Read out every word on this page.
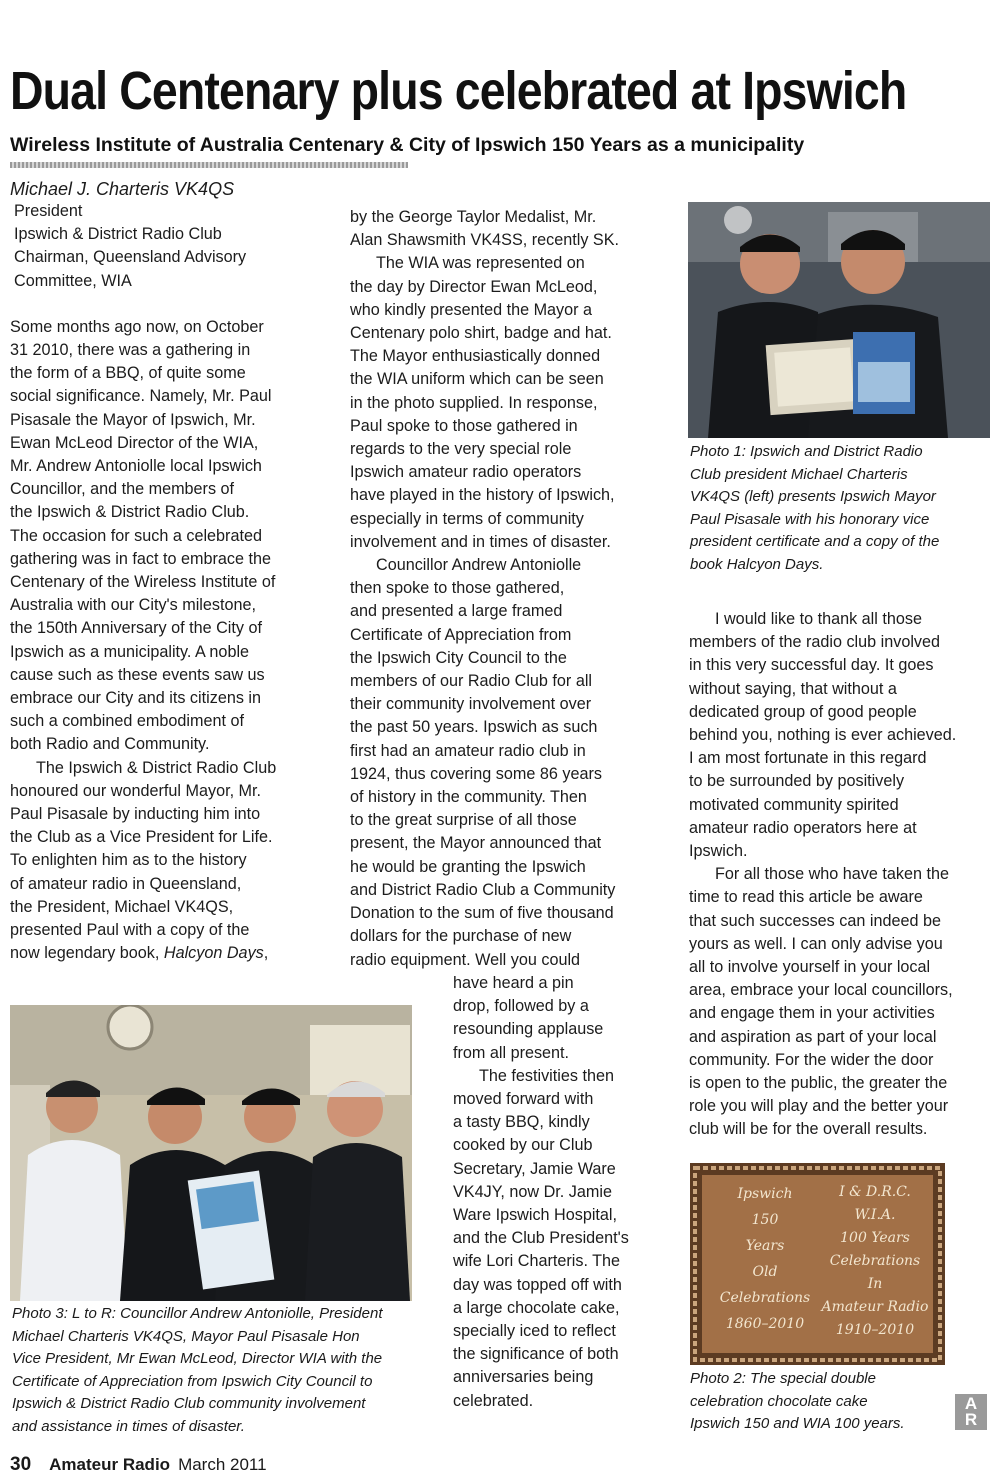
Dual Centenary plus celebrated at Ipswich
Wireless Institute of Australia Centenary & City of Ipswich 150 Years as a municipality

Michael J. Charteris VK4QS

President
Ipswich & District Radio Club
Chairman, Queensland Advisory
Committee, WIA
Some months ago now, on October
31 2010, there was a gathering in
the form of a BBQ, of quite some
social significance. Namely, Mr. Paul
Pisasale the Mayor of Ipswich, Mr.
Ewan McLeod Director of the WIA,
Mr. Andrew Antoniolle local Ipswich
Councillor, and the members of
the Ipswich & District Radio Club.
The occasion for such a celebrated
gathering was in fact to embrace the
Centenary of the Wireless Institute of
Australia with our City's milestone,
the 150th Anniversary of the City of
Ipswich as a municipality. A noble
cause such as these events saw us
embrace our City and its citizens in
such a combined embodiment of
both Radio and Community.
The Ipswich & District Radio Club
honoured our wonderful Mayor, Mr.
Paul Pisasale by inducting him into
the Club as a Vice President for Life.
To enlighten him as to the history
of amateur radio in Queensland,
the President, Michael VK4QS,
presented Paul with a copy of the

now legendary book, Halcyon Days,

by the George Taylor Medalist, Mr.
Alan Shawsmith VK4SS, recently SK.
The WIA was represented on
the day by Director Ewan McLeod,
who kindly presented the Mayor a
Centenary polo shirt, badge and hat.
The Mayor enthusiastically donned
the WIA uniform which can be seen
in the photo supplied. In response,
Paul spoke to those gathered in
regards to the very special role
Ipswich amateur radio operators
have played in the history of Ipswich,
especially in terms of community
involvement and in times of disaster.
Councillor Andrew Antoniolle
then spoke to those gathered,
and presented a large framed
Certificate of Appreciation from
the Ipswich City Council to the
members of our Radio Club for all
their community involvement over
the past 50 years. Ipswich as such
first had an amateur radio club in
1924, thus covering some 86 years
of history in the community. Then
to the great surprise of all those
present, the Mayor announced that
he would be granting the Ipswich
and District Radio Club a Community
Donation to the sum of five thousand
dollars for the purchase of new
radio equipment. Well you could
have heard a pin
drop, followed by a
resounding applause
from all present.
The festivities then
moved forward with
a tasty BBQ, kindly
cooked by our Club
Secretary, Jamie Ware
VK4JY, now Dr. Jamie
Ware Ipswich Hospital,
and the Club President's
wife Lori Charteris. The
day was topped off with
a large chocolate cake,
specially iced to reflect
the significance of both
anniversaries being
celebrated.
I would like to thank all those
members of the radio club involved
in this very successful day. It goes
without saying, that without a
dedicated group of good people
behind you, nothing is ever achieved.
I am most fortunate in this regard
to be surrounded by positively
motivated community spirited
amateur radio operators here at
Ipswich.
For all those who have taken the
time to read this article be aware
that such successes can indeed be
yours as well. I can only advise you
all to involve yourself in your local
area, embrace your local councillors,
and engage them in your activities
and aspiration as part of your local
community. For the wider the door
is open to the public, the greater the
role you will play and the better your
club will be for the overall results.
Photo 1: Ipswich and District Radio
Club president Michael Charteris
VK4QS (left) presents Ipswich Mayor
Paul Pisasale with his honorary vice
president certificate and a copy of the
book Halcyon Days.
Photo 3: L to R: Councillor Andrew Antoniolle, President
Michael Charteris VK4QS, Mayor Paul Pisasale Hon
Vice President, Mr Ewan McLeod, Director WIA with the
Certificate of Appreciation from Ipswich City Council to
Ipswich & District Radio Club community involvement
and assistance in times of disaster.
Ipswich
150
Years
Old
Celebrations
1860–2010
I & D.R.C.
W.I.A.
100 Years
Celebrations
In
Amateur Radio
1910–2010
Photo 2: The special double
celebration chocolate cake
Ipswich 150 and WIA 100 years.
A
R
30 Amateur Radio March 2011
